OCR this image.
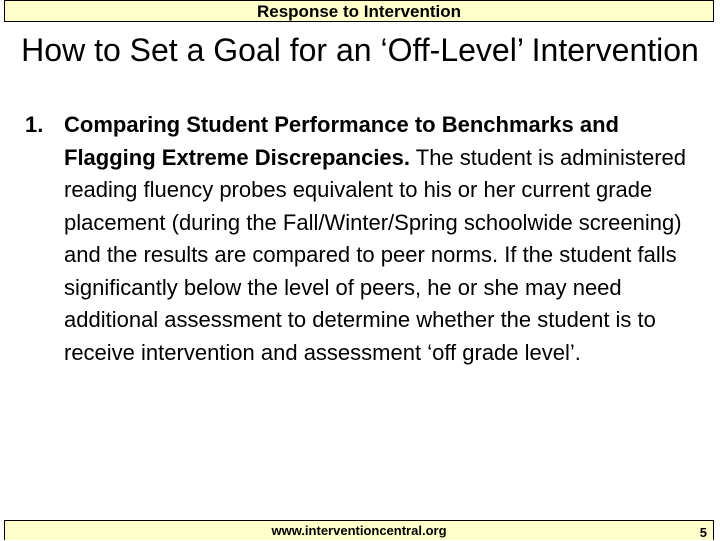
Response to Intervention
How to Set a Goal for an ‘Off-Level’ Intervention
1. Comparing Student Performance to Benchmarks and Flagging Extreme Discrepancies. The student is administered reading fluency probes equivalent to his or her current grade placement (during the Fall/Winter/Spring schoolwide screening) and the results are compared to peer norms. If the student falls significantly below the level of peers, he or she may need additional assessment to determine whether the student is to receive intervention and assessment ‘off grade level’.
www.interventioncentral.org	5
